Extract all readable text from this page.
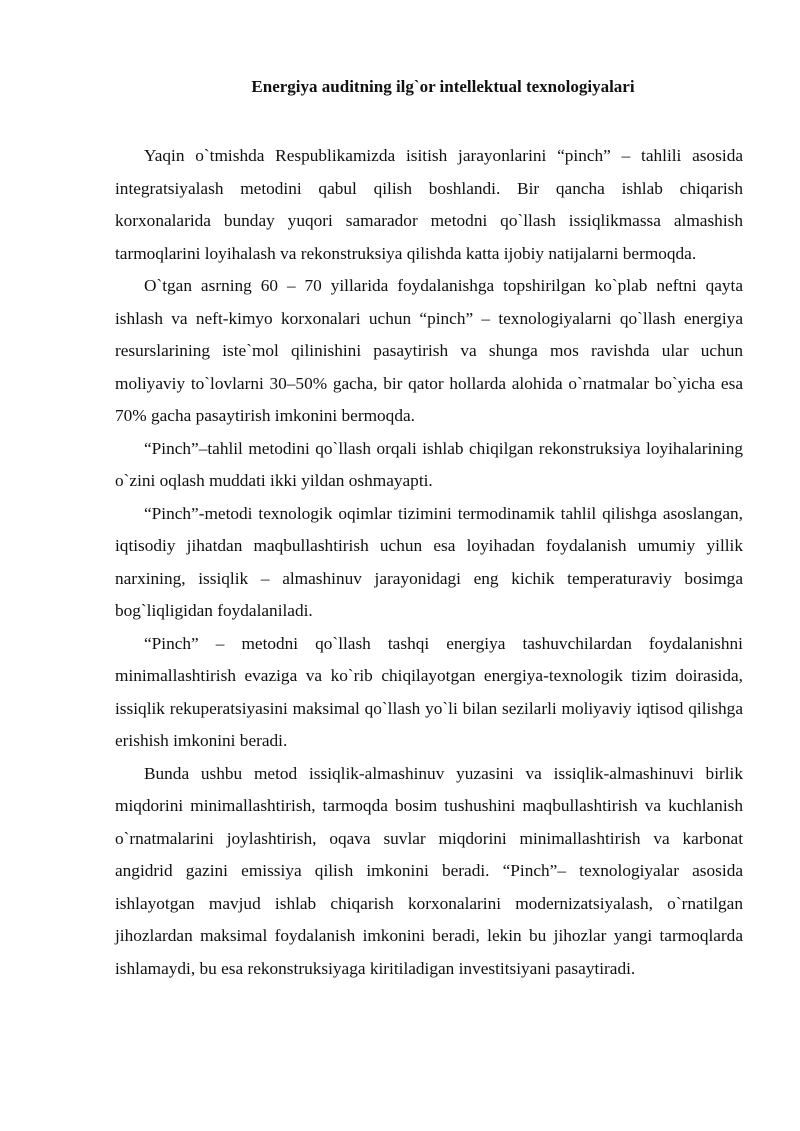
Energiya auditning ilg`or intellektual texnologiyalari

Yaqin o`tmishda Respublikamizda isitish jarayonlarini “pinch” – tahlili asosida integratsiyalash metodini qabul qilish boshlandi. Bir qancha ishlab chiqarish korxonalarida bunday yuqori samarador metodni qo`llash issiqlikmassa almashish tarmoqlarini loyihalash va rekonstruksiya qilishda katta ijobiy natijalarni bermoqda.

O`tgan asrning 60 – 70 yillarida foydalanishga topshirilgan ko`plab neftni qayta ishlash va neft-kimyo korxonalari uchun “pinch” – texnologiyalarni qo`llash energiya resurslarining iste`mol qilinishini pasaytirish va shunga mos ravishda ular uchun moliyaviy to`lovlarni 30–50% gacha, bir qator hollarda alohida o`rnatmalar bo`yicha esa 70% gacha pasaytirish imkonini bermoqda.

“Pinch”–tahlil metodini qo`llash orqali ishlab chiqilgan rekonstruksiya loyihalarining o`zini oqlash muddati ikki yildan oshmayapti.

“Pinch”-metodi texnologik oqimlar tizimini termodinamik tahlil qilishga asoslangan, iqtisodiy jihatdan maqbullashtirish uchun esa loyihadan foydalanish umumiy yillik narxining, issiqlik – almashinuv jarayonidagi eng kichik temperaturaviy bosimga bog`liqligidan foydalaniladi.

“Pinch” – metodni qo`llash tashqi energiya tashuvchilardan foydalanishni minimallashtirish evaziga va ko`rib chiqilayotgan energiya-texnologik tizim doirasida, issiqlik rekuperatsiyasini maksimal qo`llash yo`li bilan sezilarli moliyaviy iqtisod qilishga erishish imkonini beradi.

Bunda ushbu metod issiqlik-almashinuv yuzasini va issiqlik-almashinuvi birlik miqdorini minimallashtirish, tarmoqda bosim tushushini maqbullashtirish va kuchlanish o`rnatmalarini joylashtirish, oqava suvlar miqdorini minimallashtirish va karbonat angidrid gazini emissiya qilish imkonini beradi. “Pinch”– texnologiyalar asosida ishlayotgan mavjud ishlab chiqarish korxonalarini modernizatsiyalash, o`rnatilgan jihozlardan maksimal foydalanish imkonini beradi, lekin bu jihozlar yangi tarmoqlarda ishlamaydi, bu esa rekonstruksiyaga kiritiladigan investitsiyani pasaytiradi.
